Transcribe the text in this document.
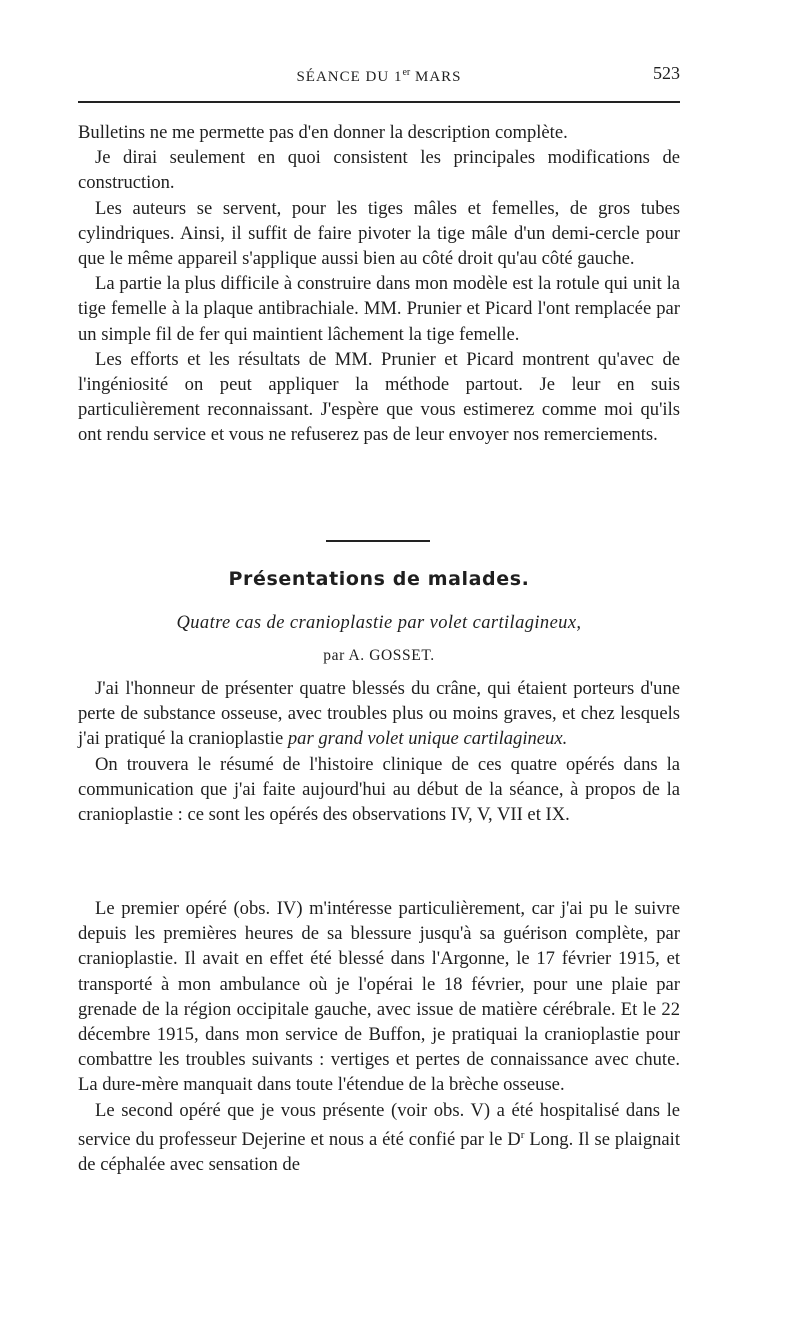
SÉANCE DU 1er MARS	523

Bulletins ne me permette pas d'en donner la description complète.

Je dirai seulement en quoi consistent les principales modifications de construction.

Les auteurs se servent, pour les tiges mâles et femelles, de gros tubes cylindriques. Ainsi, il suffit de faire pivoter la tige mâle d'un demi-cercle pour que le même appareil s'applique aussi bien au côté droit qu'au côté gauche.

La partie la plus difficile à construire dans mon modèle est la rotule qui unit la tige femelle à la plaque antibrachiale. MM. Prunier et Picard l'ont remplacée par un simple fil de fer qui maintient lâchement la tige femelle.

Les efforts et les résultats de MM. Prunier et Picard montrent qu'avec de l'ingéniosité on peut appliquer la méthode partout. Je leur en suis particulièrement reconnaissant. J'espère que vous estimerez comme moi qu'ils ont rendu service et vous ne refuserez pas de leur envoyer nos remerciements.

Présentations de malades.
Quatre cas de cranioplastie par volet cartilagineux,
par A. GOSSET.

J'ai l'honneur de présenter quatre blessés du crâne, qui étaient porteurs d'une perte de substance osseuse, avec troubles plus ou moins graves, et chez lesquels j'ai pratiqué la cranioplastie par grand volet unique cartilagineux.

On trouvera le résumé de l'histoire clinique de ces quatre opérés dans la communication que j'ai faite aujourd'hui au début de la séance, à propos de la cranioplastie : ce sont les opérés des observations IV, V, VII et IX.

Le premier opéré (obs. IV) m'intéresse particulièrement, car j'ai pu le suivre depuis les premières heures de sa blessure jusqu'à sa guérison complète, par cranioplastie. Il avait en effet été blessé dans l'Argonne, le 17 février 1915, et transporté à mon ambulance où je l'opérai le 18 février, pour une plaie par grenade de la région occipitale gauche, avec issue de matière cérébrale. Et le 22 décembre 1915, dans mon service de Buffon, je pratiquai la cranioplastie pour combattre les troubles suivants : vertiges et pertes de connaissance avec chute. La dure-mère manquait dans toute l'étendue de la brèche osseuse.

Le second opéré que je vous présente (voir obs. V) a été hospitalisé dans le service du professeur Dejerine et nous a été confié par le $D^r$ Long. Il se plaignait de céphalée avec sensation de
